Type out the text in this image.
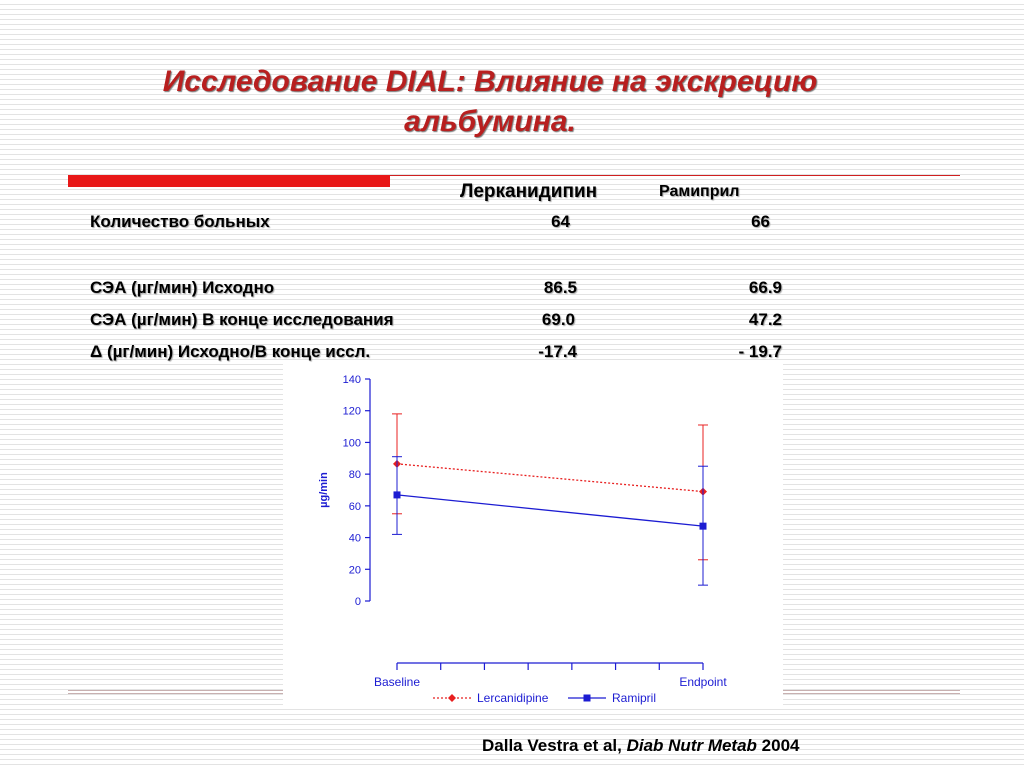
Исследование DIAL: Влияние на экскрецию
альбумина.
Лерканидипин	Рамиприл
Количество больных	64	66
СЭА (µг/мин) Исходно	86.5	66.9
СЭА (µг/мин) В конце исследования	69.0	47.2
Δ (µг/мин) Исходно/В конце иссл.	-17.4	- 19.7
0
20
40
60
80
100
120
140
µg/min
Baseline	Endpoint
Lercanidipine	Ramipril
Dalla Vestra et al, Diab Nutr Metab 2004
